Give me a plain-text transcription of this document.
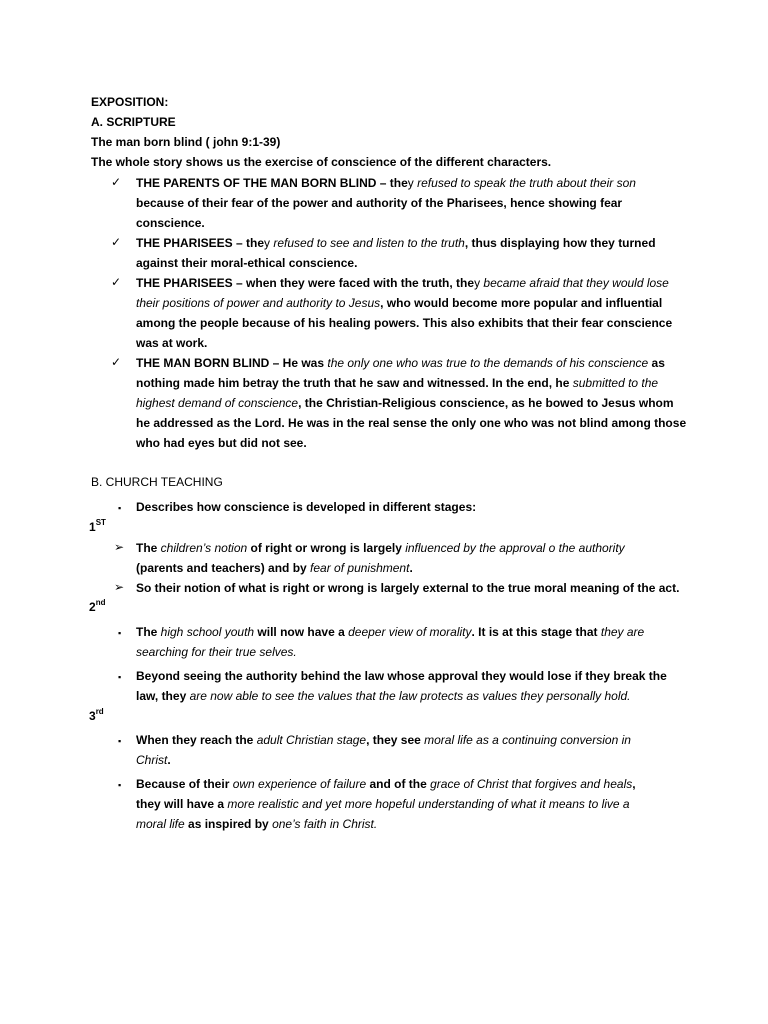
EXPOSITION:
A. SCRIPTURE
The man born blind ( john 9:1-39)
The whole story shows us the exercise of conscience of the different characters.
✓ THE PARENTS OF THE MAN BORN BLIND – they refused to speak the truth about their son
because of their fear of the power and authority of the Pharisees, hence showing fear
conscience.
✓ THE PHARISEES – they refused to see and listen to the truth, thus displaying how they turned
against their moral-ethical conscience.
✓ THE PHARISEES – when they were faced with the truth, they became afraid that they would lose
their positions of power and authority to Jesus, who would become more popular and influential
among the people because of his healing powers. This also exhibits that their fear conscience
was at work.
✓ THE MAN BORN BLIND – He was the only one who was true to the demands of his conscience as
nothing made him betray the truth that he saw and witnessed. In the end, he submitted to the
highest demand of conscience, the Christian-Religious conscience, as he bowed to Jesus whom
he addressed as the Lord. He was in the real sense the only one who was not blind among those
who had eyes but did not see.
B. CHURCH TEACHING
▪ Describes how conscience is developed in different stages:
1ST
➢ The children’s notion of right or wrong is largely influenced by the approval o the authority
(parents and teachers) and by fear of punishment.
➢ So their notion of what is right or wrong is largely external to the true moral meaning of the act.
2nd
▪ The high school youth will now have a deeper view of morality. It is at this stage that they are
searching for their true selves.
▪ Beyond seeing the authority behind the law whose approval they would lose if they break the
law, they are now able to see the values that the law protects as values they personally hold.
3rd
▪ When they reach the adult Christian stage, they see moral life as a continuing conversion in
Christ.
▪ Because of their own experience of failure and of the grace of Christ that forgives and heals,
they will have a more realistic and yet more hopeful understanding of what it means to live a
moral life as inspired by one’s faith in Christ.
